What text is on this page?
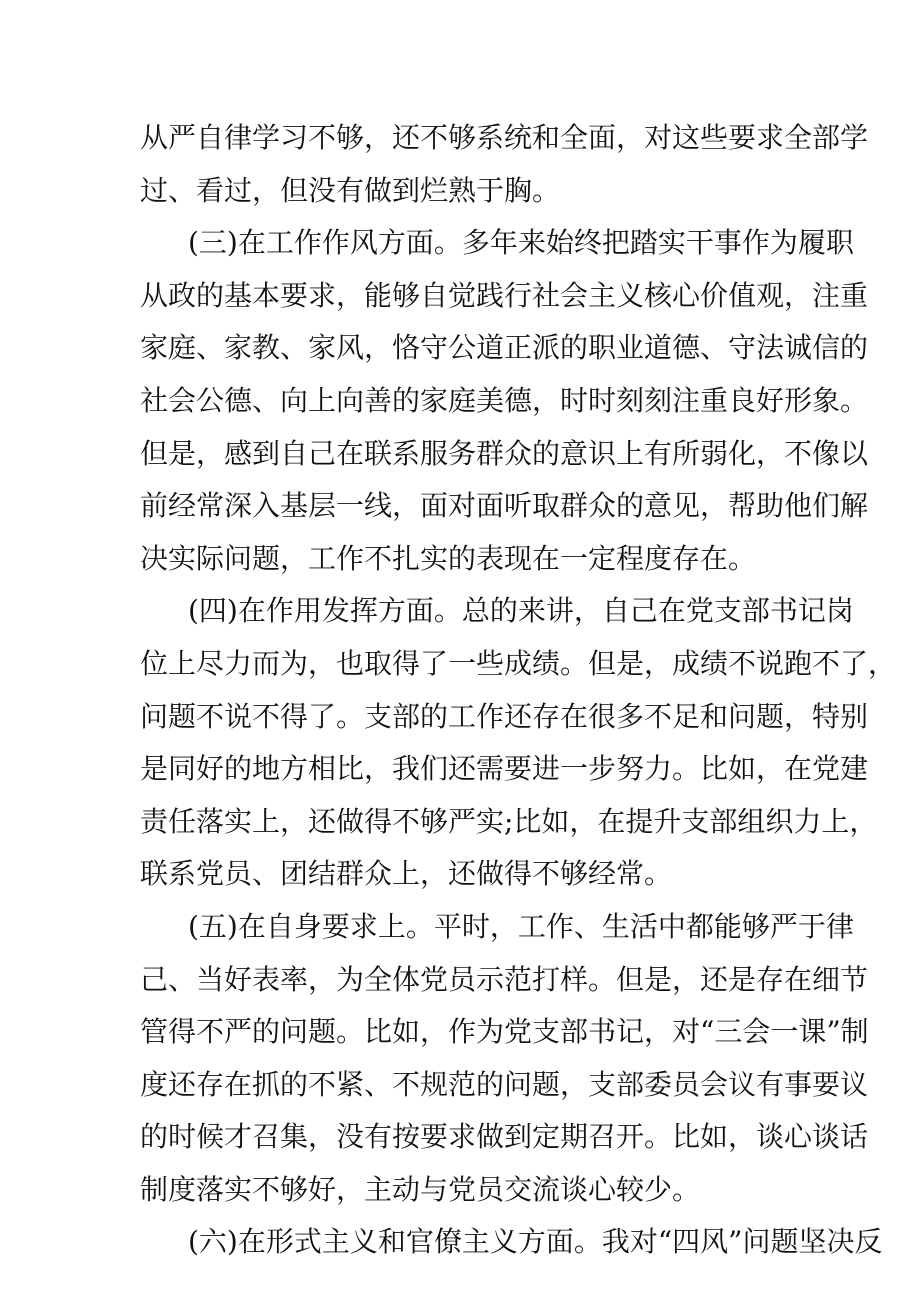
从严自律学习不够，还不够系统和全面，对这些要求全部学
过、看过，但没有做到烂熟于胸。
(三)在工作作风方面。多年来始终把踏实干事作为履职
从政的基本要求，能够自觉践行社会主义核心价值观，注重
家庭、家教、家风，恪守公道正派的职业道德、守法诚信的
社会公德、向上向善的家庭美德，时时刻刻注重良好形象。
但是，感到自己在联系服务群众的意识上有所弱化，不像以
前经常深入基层一线，面对面听取群众的意见，帮助他们解
决实际问题，工作不扎实的表现在一定程度存在。
(四)在作用发挥方面。总的来讲，自己在党支部书记岗
位上尽力而为，也取得了一些成绩。但是，成绩不说跑不了，
问题不说不得了。支部的工作还存在很多不足和问题，特别
是同好的地方相比，我们还需要进一步努力。比如，在党建
责任落实上，还做得不够严实;比如，在提升支部组织力上，
联系党员、团结群众上，还做得不够经常。
(五)在自身要求上。平时，工作、生活中都能够严于律
己、当好表率，为全体党员示范打样。但是，还是存在细节
管得不严的问题。比如，作为党支部书记，对“三会一课”制
度还存在抓的不紧、不规范的问题，支部委员会议有事要议
的时候才召集，没有按要求做到定期召开。比如，谈心谈话
制度落实不够好，主动与党员交流谈心较少。
(六)在形式主义和官僚主义方面。我对“四风”问题坚决反
